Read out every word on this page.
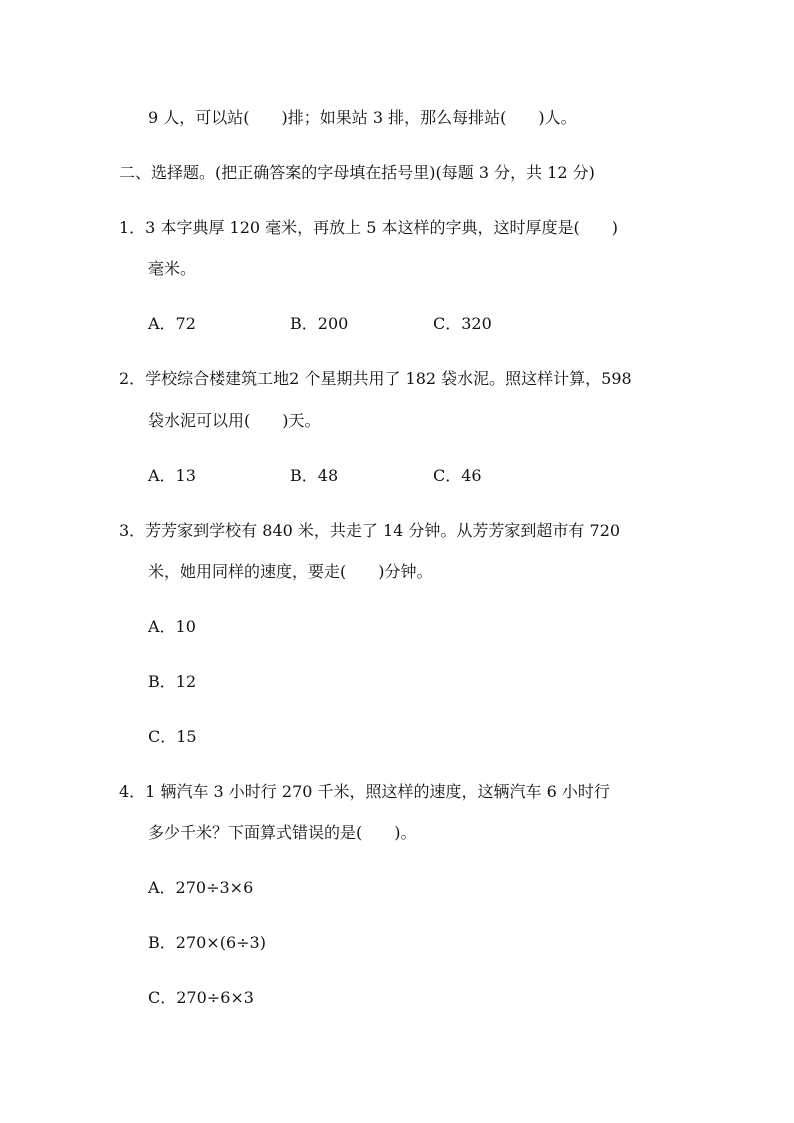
9 人，可以站(　　)排；如果站 3 排，那么每排站(　　)人。
二、选择题。(把正确答案的字母填在括号里)(每题 3 分，共 12 分)
1．3 本字典厚 120 毫米，再放上 5 本这样的字典，这时厚度是(　　)
毫米。
A．72	B．200	C．320
2．学校综合楼建筑工地2 个星期共用了 182 袋水泥。照这样计算，598
袋水泥可以用(　　)天。
A．13	B．48	C．46
3．芳芳家到学校有 840 米，共走了 14 分钟。从芳芳家到超市有 720
米，她用同样的速度，要走(　　)分钟。
A．10
B．12
C．15
4．1 辆汽车 3 小时行 270 千米，照这样的速度，这辆汽车 6 小时行
多少千米？下面算式错误的是(　　)。
A．270÷3×6
B．270×(6÷3)
C．270÷6×3
